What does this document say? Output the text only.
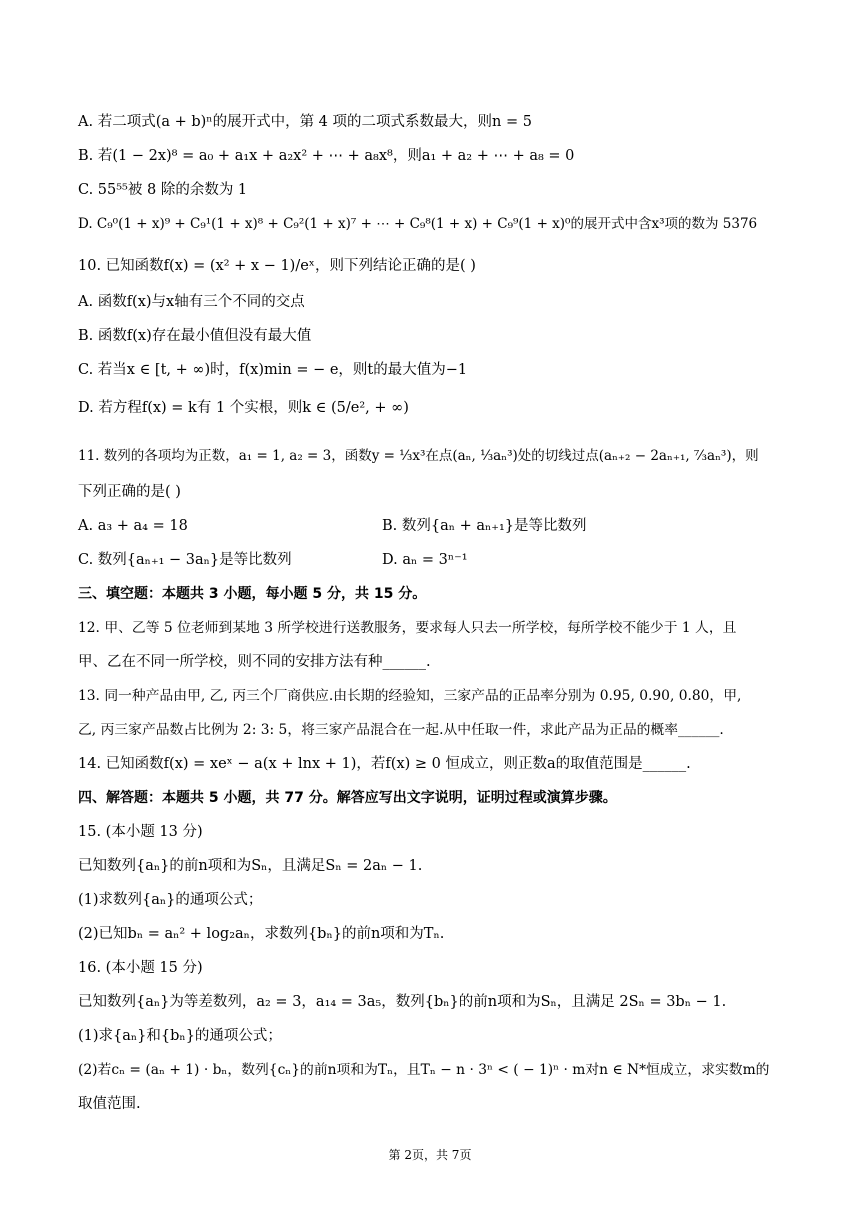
A. 若二项式(a + b)ⁿ的展开式中，第 4 项的二项式系数最大，则n = 5
B. 若(1 − 2x)⁸ = a₀ + a₁x + a₂x² + ⋯ + a₈x⁸，则a₁ + a₂ + ⋯ + a₈ = 0
C. 55⁵⁵被 8 除的余数为 1
D. C₉⁰(1 + x)⁹ + C₉¹(1 + x)⁸ + C₉²(1 + x)⁷ + ⋯ + C₉⁸(1 + x) + C₉⁹(1 + x)⁰的展开式中含x³项的数为 5376
10. 已知函数f(x) = (x² + x − 1)/eˣ，则下列结论正确的是( )
A. 函数f(x)与x轴有三个不同的交点
B. 函数f(x)存在最小值但没有最大值
C. 若当x ∈ [t, + ∞)时，f(x)min = − e，则t的最大值为−1
D. 若方程f(x) = k有 1 个实根，则k ∈ (5/e², + ∞)
11. 数列的各项均为正数，a₁ = 1, a₂ = 3，函数y = ⅓x³在点(aₙ, ⅓aₙ³)处的切线过点(aₙ₊₂ − 2aₙ₊₁, ⁷⁄₃aₙ³)，则
下列正确的是( )
A. a₃ + a₄ = 18	B. 数列{aₙ + aₙ₊₁}是等比数列
C. 数列{aₙ₊₁ − 3aₙ}是等比数列	D. aₙ = 3ⁿ⁻¹
三、填空题：本题共 3 小题，每小题 5 分，共 15 分。
12. 甲、乙等 5 位老师到某地 3 所学校进行送教服务，要求每人只去一所学校，每所学校不能少于 1 人，且
甲、乙在不同一所学校，则不同的安排方法有种______.
13. 同一种产品由甲, 乙, 丙三个厂商供应.由长期的经验知，三家产品的正品率分别为 0.95, 0.90, 0.80，甲,
乙, 丙三家产品数占比例为 2: 3: 5，将三家产品混合在一起.从中任取一件，求此产品为正品的概率______.
14. 已知函数f(x) = xeˣ − a(x + lnx + 1)，若f(x) ≥ 0 恒成立，则正数a的取值范围是______.
四、解答题：本题共 5 小题，共 77 分。解答应写出文字说明，证明过程或演算步骤。
15. (本小题 13 分)
已知数列{aₙ}的前n项和为Sₙ，且满足Sₙ = 2aₙ − 1.
(1)求数列{aₙ}的通项公式；
(2)已知bₙ = aₙ² + log₂aₙ，求数列{bₙ}的前n项和为Tₙ.
16. (本小题 15 分)
已知数列{aₙ}为等差数列，a₂ = 3，a₁₄ = 3a₅，数列{bₙ}的前n项和为Sₙ，且满足 2Sₙ = 3bₙ − 1.
(1)求{aₙ}和{bₙ}的通项公式；
(2)若cₙ = (aₙ + 1) · bₙ，数列{cₙ}的前n项和为Tₙ，且Tₙ − n · 3ⁿ < ( − 1)ⁿ · m对n ∈ N*恒成立，求实数m的
取值范围.
第 2页，共 7页
